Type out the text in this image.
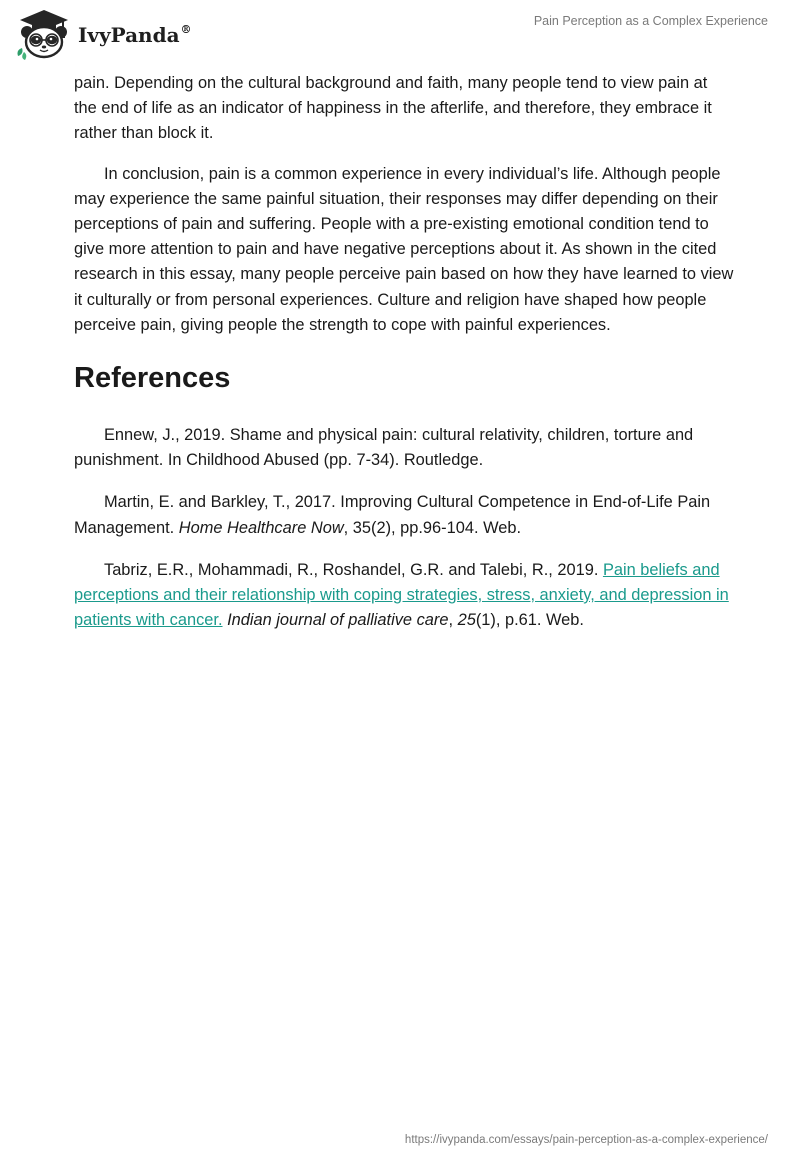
IvyPanda®
Pain Perception as a Complex Experience

pain. Depending on the cultural background and faith, many people tend to view pain at the end of life as an indicator of happiness in the afterlife, and therefore, they embrace it rather than block it.

In conclusion, pain is a common experience in every individual’s life. Although people may experience the same painful situation, their responses may differ depending on their perceptions of pain and suffering. People with a pre-existing emotional condition tend to give more attention to pain and have negative perceptions about it. As shown in the cited research in this essay, many people perceive pain based on how they have learned to view it culturally or from personal experiences. Culture and religion have shaped how people perceive pain, giving people the strength to cope with painful experiences.

References

Ennew, J., 2019. Shame and physical pain: cultural relativity, children, torture and punishment. In Childhood Abused (pp. 7-34). Routledge.

Martin, E. and Barkley, T., 2017. Improving Cultural Competence in End-of-Life Pain Management. Home Healthcare Now, 35(2), pp.96-104. Web.

Tabriz, E.R., Mohammadi, R., Roshandel, G.R. and Talebi, R., 2019. Pain beliefs and perceptions and their relationship with coping strategies, stress, anxiety, and depression in patients with cancer. Indian journal of palliative care, 25(1), p.61. Web.

https://ivypanda.com/essays/pain-perception-as-a-complex-experience/
